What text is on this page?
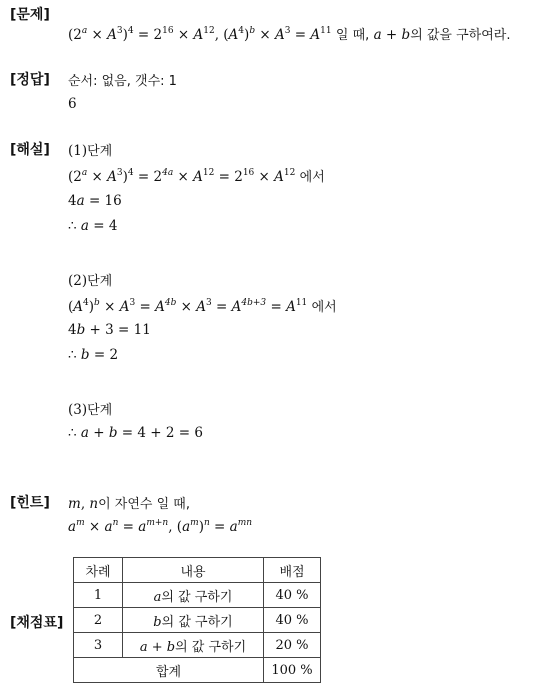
[문제]
$(2^a \times A^3)^4 = 2^{16} \times A^{12}$, $(A^4)^b \times A^3 = A^{11}$ 일 때, a + b의 값을 구하여라.
[정답] 순서: 없음, 갯수: 1
6
[해설] (1)단계
$(2^a \times A^3)^4 = 2^{4a} \times A^{12} = 2^{16} \times A^{12}$ 에서
4a = 16
∴ a = 4
(2)단계
$(A^4)^b \times A^3 = A^{4b} \times A^3 = A^{4b+3} = A^{11}$ 에서
4b + 3 = 11
∴ b = 2
(3)단계
∴ a + b = 4 + 2 = 6
[힌트] m, n이 자연수 일 때,
$a^m \times a^n = a^{m+n}$, $(a^m)^n = a^{mn}$
[채점표]
차례	내용	배점
1	a의 값 구하기	40 %
2	b의 값 구하기	40 %
3	a + b의 값 구하기	20 %
합계		100 %
